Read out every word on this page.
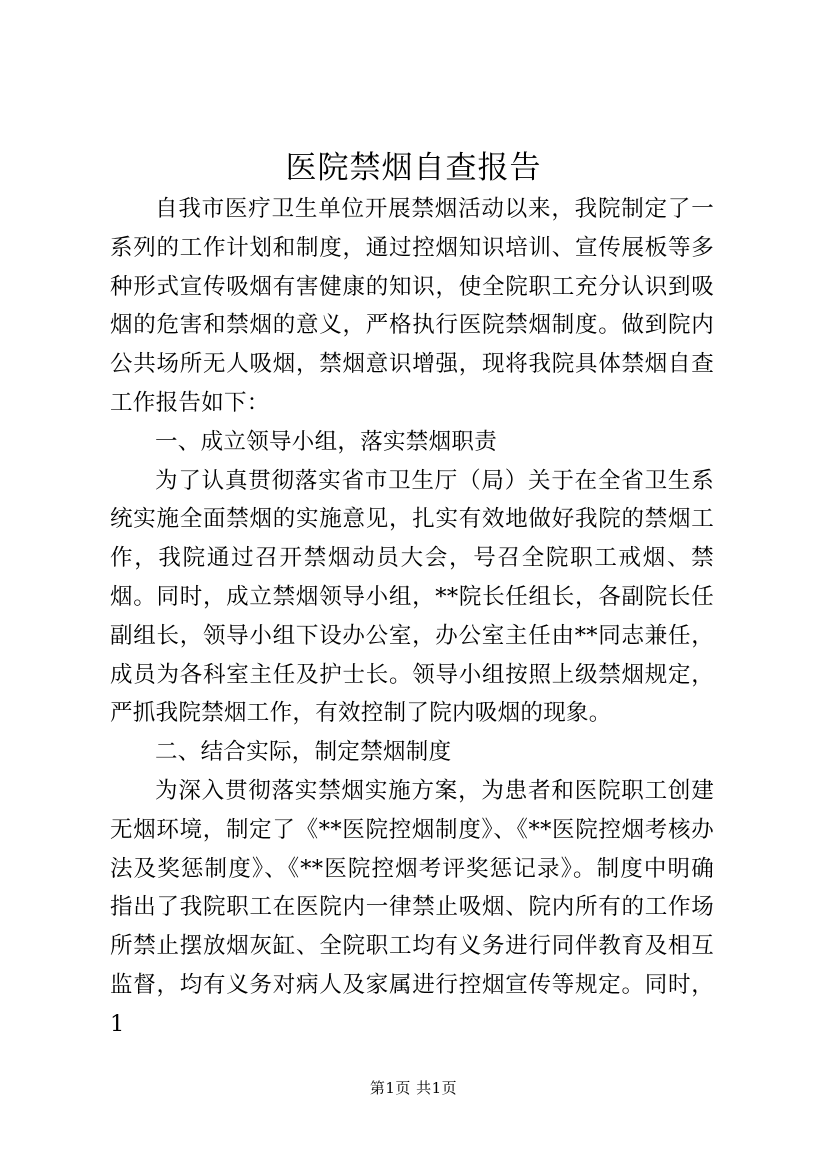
医院禁烟自查报告

自我市医疗卫生单位开展禁烟活动以来，我院制定了一系列的工作计划和制度，通过控烟知识培训、宣传展板等多种形式宣传吸烟有害健康的知识，使全院职工充分认识到吸烟的危害和禁烟的意义，严格执行医院禁烟制度。做到院内公共场所无人吸烟，禁烟意识增强，现将我院具体禁烟自查工作报告如下：

一、成立领导小组，落实禁烟职责

为了认真贯彻落实省市卫生厅（局）关于在全省卫生系统实施全面禁烟的实施意见，扎实有效地做好我院的禁烟工作，我院通过召开禁烟动员大会，号召全院职工戒烟、禁烟。同时，成立禁烟领导小组，**院长任组长，各副院长任副组长，领导小组下设办公室，办公室主任由**同志兼任，成员为各科室主任及护士长。领导小组按照上级禁烟规定，严抓我院禁烟工作，有效控制了院内吸烟的现象。

二、结合实际，制定禁烟制度

为深入贯彻落实禁烟实施方案，为患者和医院职工创建无烟环境，制定了《**医院控烟制度》、《**医院控烟考核办法及奖惩制度》、《**医院控烟考评奖惩记录》。制度中明确指出了我院职工在医院内一律禁止吸烟、院内所有的工作场所禁止摆放烟灰缸、全院职工均有义务进行同伴教育及相互监督，均有义务对病人及家属进行控烟宣传等规定。同时，1

第1页 共1页
